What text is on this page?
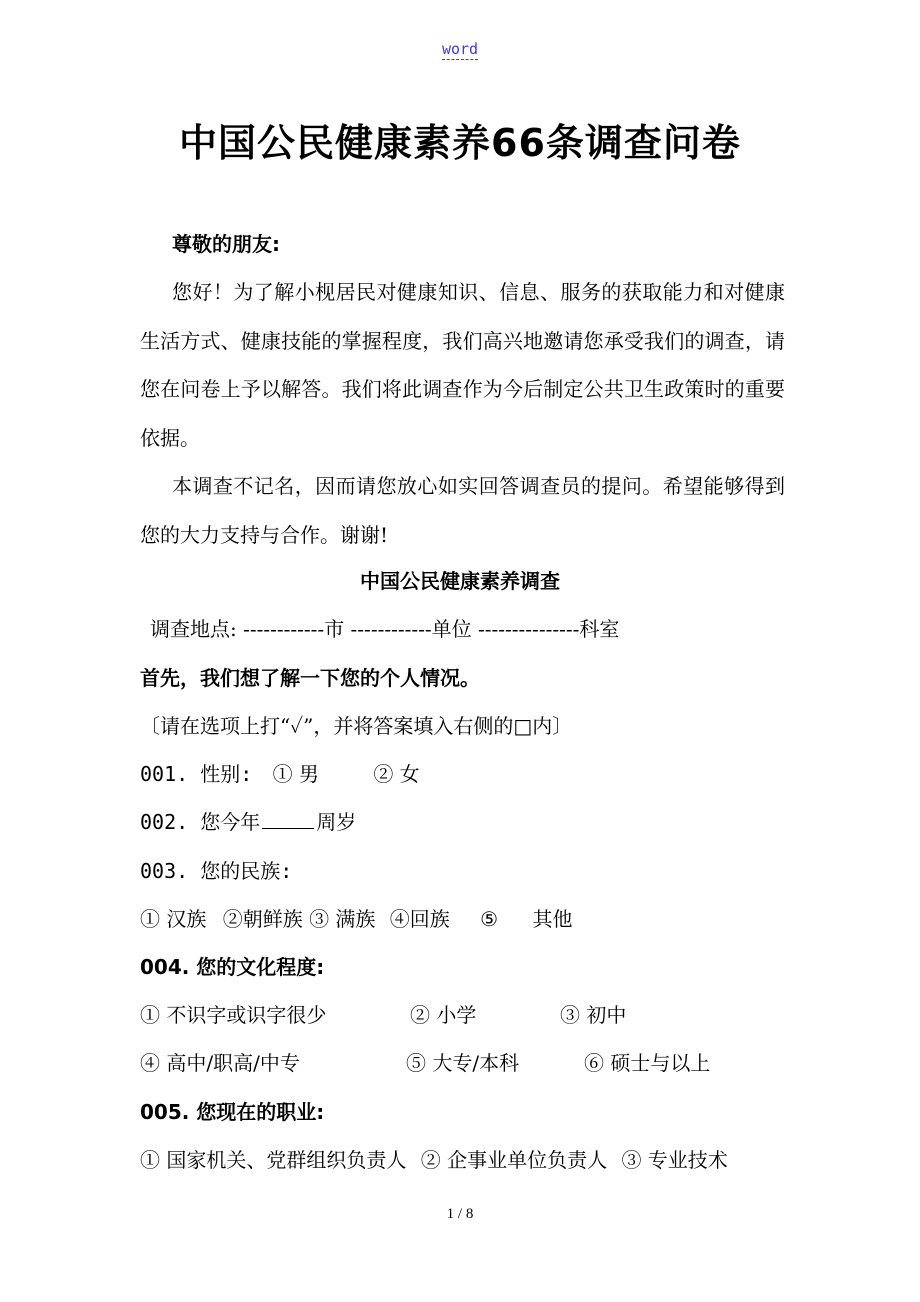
word
中国公民健康素养66条调查问卷
尊敬的朋友:
您好！为了解小枧居民对健康知识、信息、服务的获取能力和对健康生活方式、健康技能的掌握程度，我们高兴地邀请您承受我们的调查，请您在问卷上予以解答。我们将此调查作为今后制定公共卫生政策时的重要依据。
本调查不记名，因而请您放心如实回答调查员的提问。希望能够得到您的大力支持与合作。谢谢!
中国公民健康素养调查
调查地点: ------------市 ------------单位 ---------------科室
首先，我们想了解一下您的个人情况。
〔请在选项上打“✓”，并将答案填入右侧的□内〕
001. 性别: ① 男	② 女
002. 您今年	周岁
003. 您的民族:
① 汉族 ②朝鲜族 ③ 满族 ④回族 ⑤ 其他
004. 您的文化程度:
① 不识字或识字很少	② 小学	③ 初中
④ 高中/职高/中专	⑤ 大专/本科	⑥ 硕士与以上
005. 您现在的职业:
① 国家机关、党群组织负责人 ② 企事业单位负责人 ③ 专业技术
1 / 8
